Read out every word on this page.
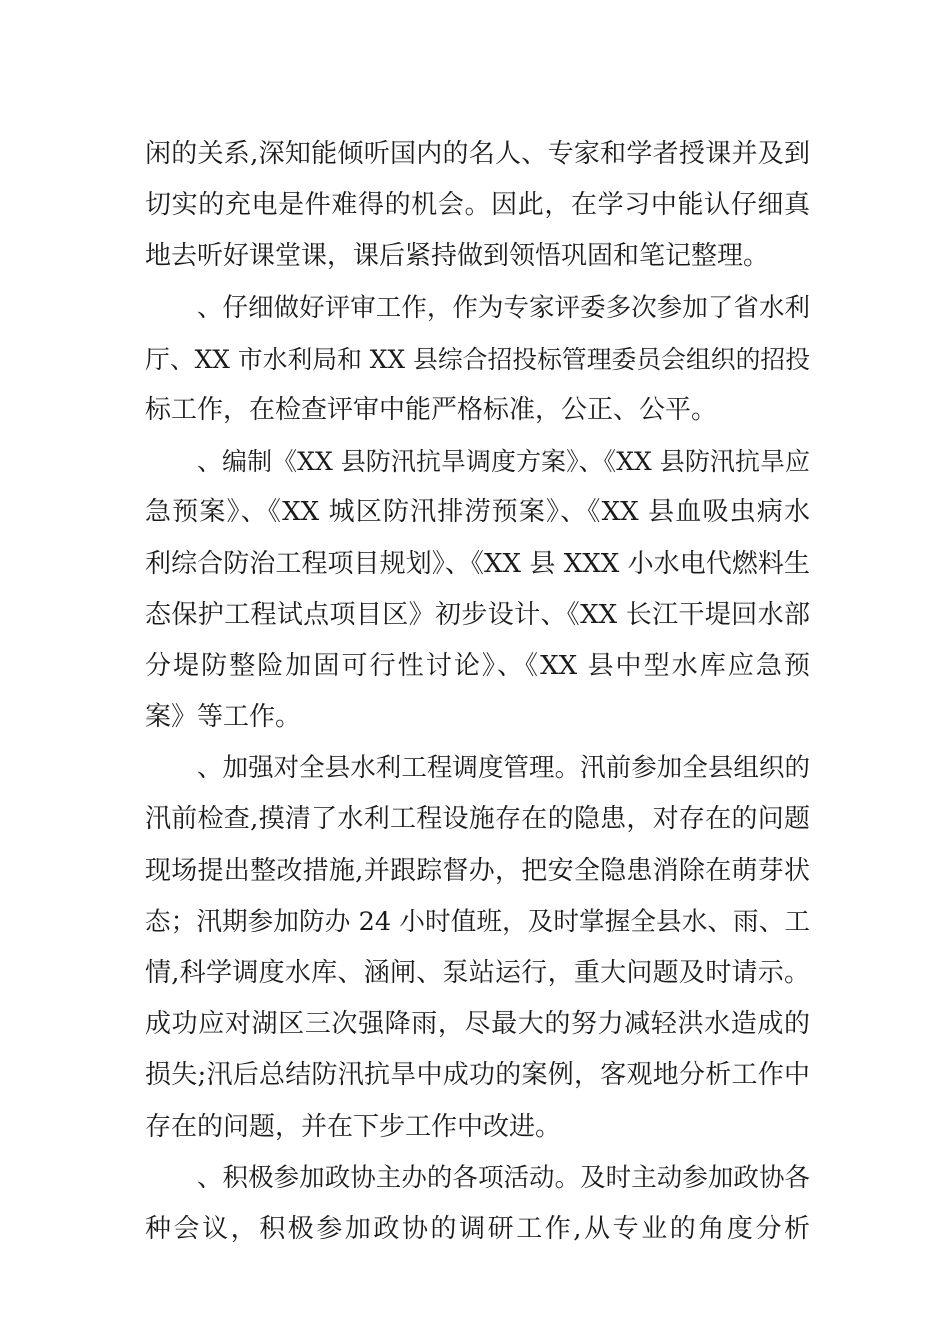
闲的关系,深知能倾听国内的名人、专家和学者授课并及到
切实的充电是件难得的机会。因此，在学习中能认仔细真
地去听好课堂课，课后紧持做到领悟巩固和笔记整理。
、仔细做好评审工作，作为专家评委多次参加了省水利
厅、XX 市水利局和 XX 县综合招投标管理委员会组织的招投
标工作，在检查评审中能严格标准，公正、公平。
、编制《XX 县防汛抗旱调度方案》、《XX 县防汛抗旱应
急预案》、《XX 城区防汛排涝预案》、《XX 县血吸虫病水
利综合防治工程项目规划》、《XX 县 XXX 小水电代燃料生
态保护工程试点项目区》初步设计、《XX 长江干堤回水部
分堤防整险加固可行性讨论》、《XX 县中型水库应急预
案》等工作。
、加强对全县水利工程调度管理。汛前参加全县组织的
汛前检查,摸清了水利工程设施存在的隐患，对存在的问题
现场提出整改措施,并跟踪督办，把安全隐患消除在萌芽状
态；汛期参加防办 24 小时值班，及时掌握全县水、雨、工
情,科学调度水库、涵闸、泵站运行，重大问题及时请示。
成功应对湖区三次强降雨，尽最大的努力减轻洪水造成的
损失;汛后总结防汛抗旱中成功的案例，客观地分析工作中
存在的问题，并在下步工作中改进。
、积极参加政协主办的各项活动。及时主动参加政协各
种会议，积极参加政协的调研工作,从专业的角度分析
